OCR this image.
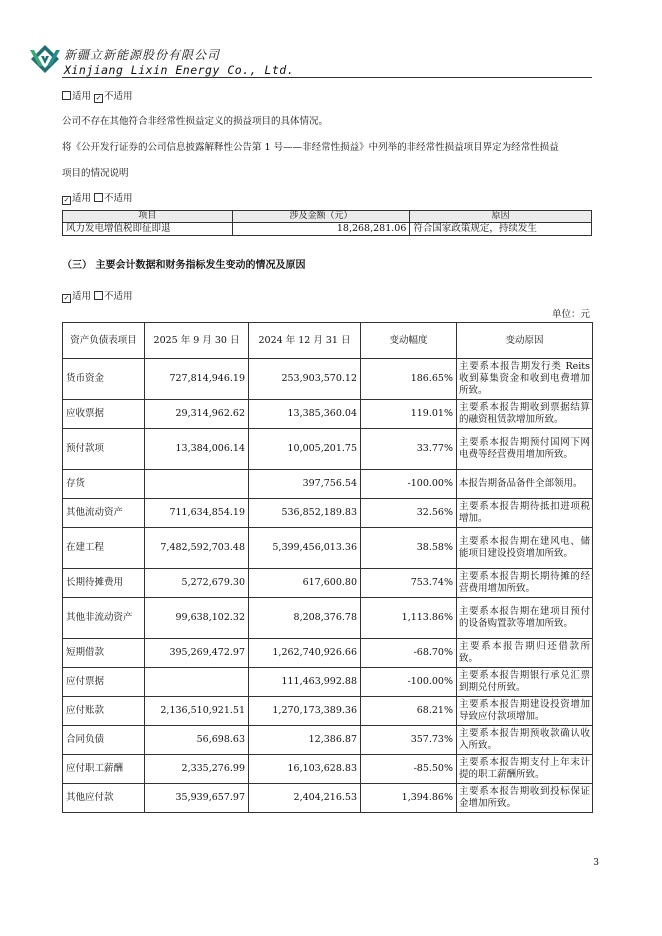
新疆立新能源股份有限公司
Xinjiang Lixin Energy Co., Ltd.
适用 ✓ 不适用
公司不存在其他符合非经常性损益定义的损益项目的具体情况。
将《公开发行证券的公司信息披露解释性公告第 1 号——非经常性损益》中列举的非经常性损益项目界定为经常性损益
项目的情况说明
✓ 适用 不适用
项目	涉及金额（元）	原因
风力发电增值税即征即退	18,268,281.06	符合国家政策规定，持续发生
（三） 主要会计数据和财务指标发生变动的情况及原因
✓ 适用 不适用
单位：元
资产负债表项目	2025 年 9 月 30 日	2024 年 12 月 31 日	变动幅度	变动原因
货币资金	727,814,946.19	253,903,570.12	186.65%	主要系本报告期发行类 Reits 收到募集资金和收到电费增加所致。
应收票据	29,314,962.62	13,385,360.04	119.01%	主要系本报告期收到票据结算的融资租赁款增加所致。
预付款项	13,384,006.14	10,005,201.75	33.77%	主要系本报告期预付国网下网电费等经营费用增加所致。
存货		397,756.54	-100.00%	本报告期备品备件全部领用。
其他流动资产	711,634,854.19	536,852,189.83	32.56%	主要系本报告期待抵扣进项税增加。
在建工程	7,482,592,703.48	5,399,456,013.36	38.58%	主要系本报告期在建风电、储能项目建设投资增加所致。
长期待摊费用	5,272,679.30	617,600.80	753.74%	主要系本报告期长期待摊的经营费用增加所致。
其他非流动资产	99,638,102.32	8,208,376.78	1,113.86%	主要系本报告期在建项目预付的设备购置款等增加所致。
短期借款	395,269,472.97	1,262,740,926.66	-68.70%	主要系本报告期归还借款所致。
应付票据		111,463,992.88	-100.00%	主要系本报告期银行承兑汇票到期兑付所致。
应付账款	2,136,510,921.51	1,270,173,389.36	68.21%	主要系本报告期建设投资增加导致应付款项增加。
合同负债	56,698.63	12,386.87	357.73%	主要系本报告期预收款确认收入所致。
应付职工薪酬	2,335,276.99	16,103,628.83	-85.50%	主要系本报告期支付上年末计提的职工薪酬所致。
其他应付款	35,939,657.97	2,404,216.53	1,394.86%	主要系本报告期收到投标保证金增加所致。
3
